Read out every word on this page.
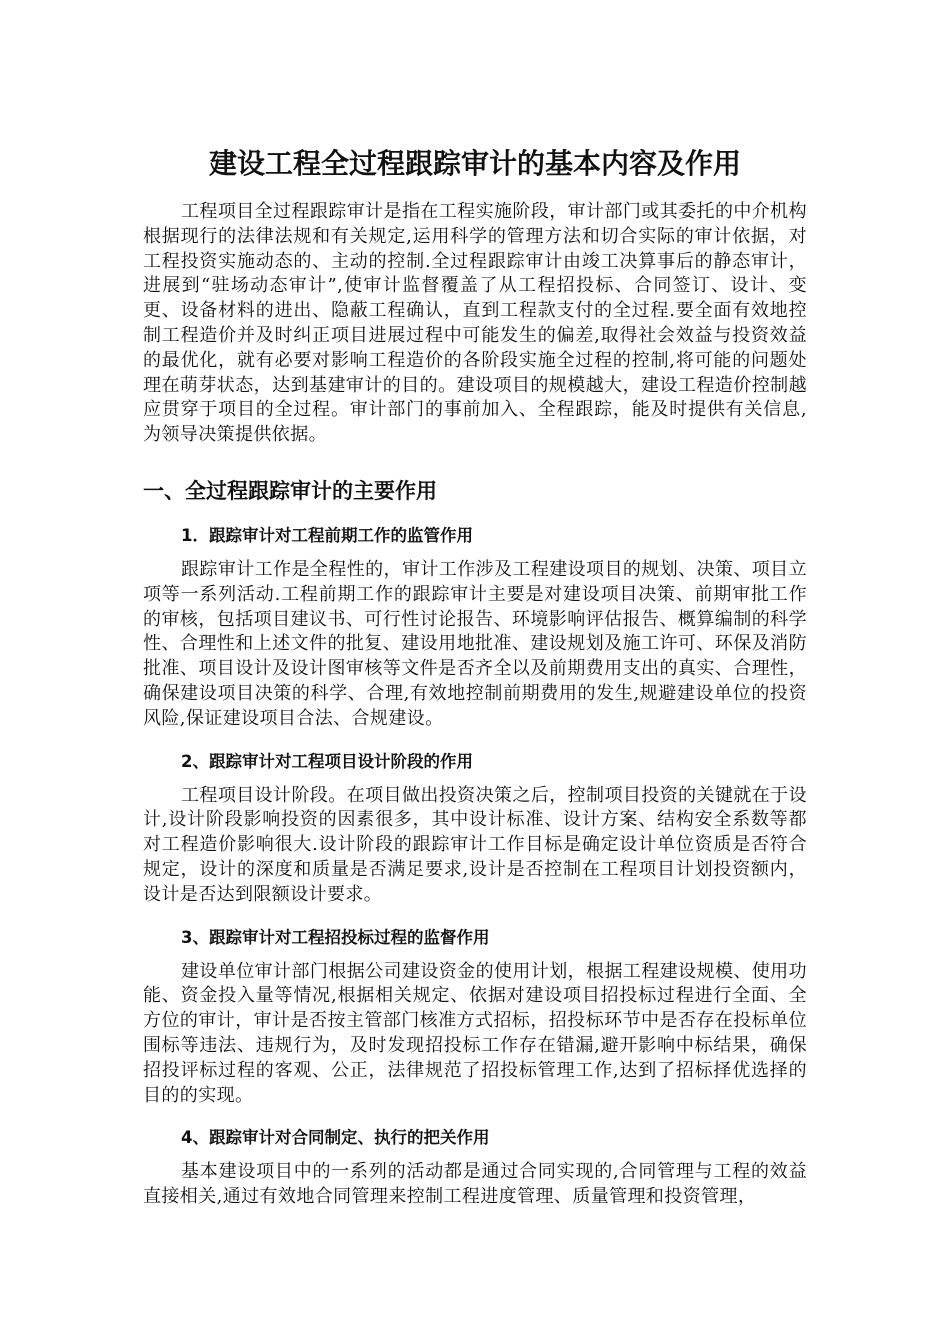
建设工程全过程跟踪审计的基本内容及作用

工程项目全过程跟踪审计是指在工程实施阶段，审计部门或其委托的中介机构根据现行的法律法规和有关规定,运用科学的管理方法和切合实际的审计依据，对工程投资实施动态的、主动的控制.全过程跟踪审计由竣工决算事后的静态审计，进展到“驻场动态审计”,使审计监督覆盖了从工程招投标、合同签订、设计、变更、设备材料的进出、隐蔽工程确认，直到工程款支付的全过程.要全面有效地控制工程造价并及时纠正项目进展过程中可能发生的偏差,取得社会效益与投资效益的最优化，就有必要对影响工程造价的各阶段实施全过程的控制,将可能的问题处理在萌芽状态，达到基建审计的目的。建设项目的规模越大，建设工程造价控制越应贯穿于项目的全过程。审计部门的事前加入、全程跟踪，能及时提供有关信息,为领导决策提供依据。

一、全过程跟踪审计的主要作用
1．跟踪审计对工程前期工作的监管作用

跟踪审计工作是全程性的，审计工作涉及工程建设项目的规划、决策、项目立项等一系列活动.工程前期工作的跟踪审计主要是对建设项目决策、前期审批工作的审核，包括项目建议书、可行性讨论报告、环境影响评估报告、概算编制的科学性、合理性和上述文件的批复、建设用地批准、建设规划及施工许可、环保及消防批准、项目设计及设计图审核等文件是否齐全以及前期费用支出的真实、合理性，确保建设项目决策的科学、合理,有效地控制前期费用的发生,规避建设单位的投资风险,保证建设项目合法、合规建设。

2、跟踪审计对工程项目设计阶段的作用

工程项目设计阶段。在项目做出投资决策之后，控制项目投资的关键就在于设计,设计阶段影响投资的因素很多，其中设计标准、设计方案、结构安全系数等都对工程造价影响很大.设计阶段的跟踪审计工作目标是确定设计单位资质是否符合规定，设计的深度和质量是否满足要求,设计是否控制在工程项目计划投资额内，设计是否达到限额设计要求。

3、跟踪审计对工程招投标过程的监督作用

建设单位审计部门根据公司建设资金的使用计划，根据工程建设规模、使用功能、资金投入量等情况,根据相关规定、依据对建设项目招投标过程进行全面、全方位的审计，审计是否按主管部门核准方式招标，招投标环节中是否存在投标单位围标等违法、违规行为，及时发现招投标工作存在错漏,避开影响中标结果，确保招投评标过程的客观、公正，法律规范了招投标管理工作,达到了招标择优选择的目的的实现。

4、跟踪审计对合同制定、执行的把关作用

基本建设项目中的一系列的活动都是通过合同实现的,合同管理与工程的效益直接相关,通过有效地合同管理来控制工程进度管理、质量管理和投资管理，
